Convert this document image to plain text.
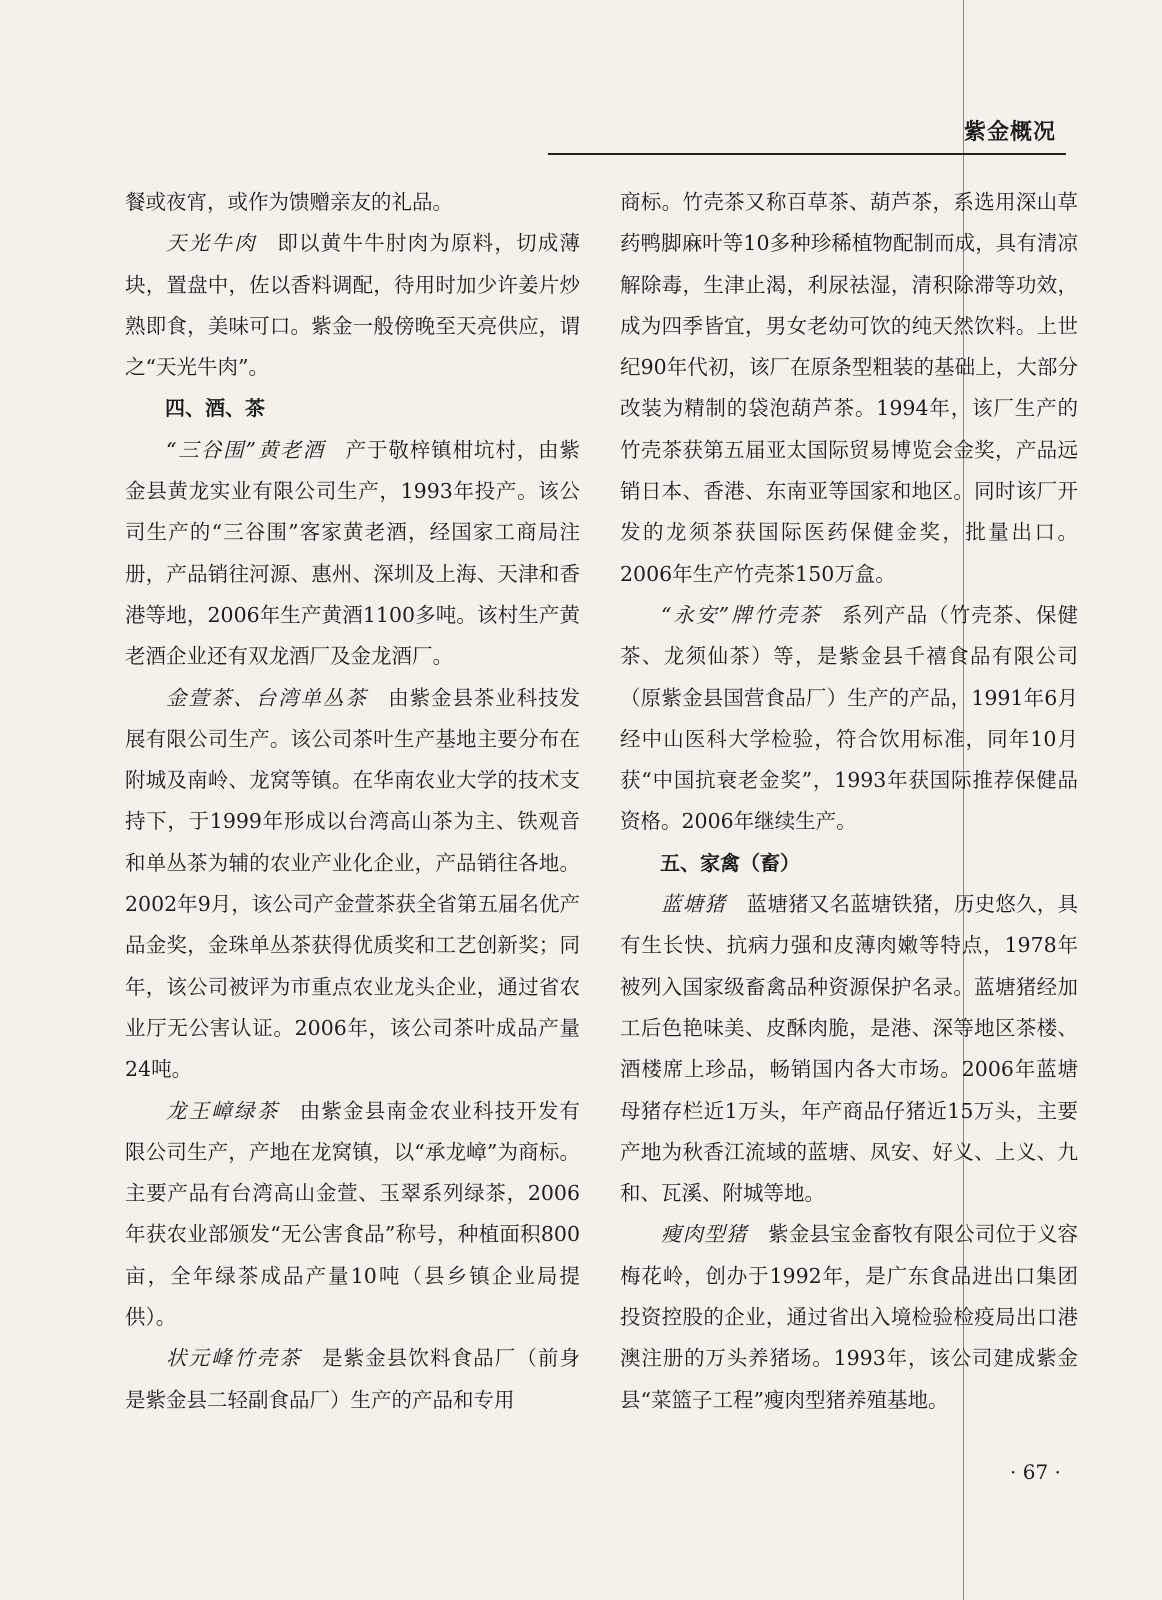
紫金概况

餐或夜宵，或作为馈赠亲友的礼品。

天光牛肉 即以黄牛牛肘肉为原料，切成薄块，置盘中，佐以香料调配，待用时加少许姜片炒熟即食，美味可口。紫金一般傍晚至天亮供应，谓之“天光牛肉”。

四、酒、茶

“三谷围”黄老酒 产于敬梓镇柑坑村，由紫金县黄龙实业有限公司生产，1993年投产。该公司生产的“三谷围”客家黄老酒，经国家工商局注册，产品销往河源、惠州、深圳及上海、天津和香港等地，2006年生产黄酒1100多吨。该村生产黄老酒企业还有双龙酒厂及金龙酒厂。

金萱茶、台湾单丛茶 由紫金县茶业科技发展有限公司生产。该公司茶叶生产基地主要分布在附城及南岭、龙窝等镇。在华南农业大学的技术支持下，于1999年形成以台湾高山茶为主、铁观音和单丛茶为辅的农业产业化企业，产品销往各地。2002年9月，该公司产金萱茶获全省第五届名优产品金奖，金珠单丛茶获得优质奖和工艺创新奖；同年，该公司被评为市重点农业龙头企业，通过省农业厅无公害认证。2006年，该公司茶叶成品产量24吨。

龙王嶂绿茶 由紫金县南金农业科技开发有限公司生产，产地在龙窝镇，以“承龙嶂”为商标。主要产品有台湾高山金萱、玉翠系列绿茶，2006年获农业部颁发“无公害食品”称号，种植面积800亩，全年绿茶成品产量10吨（县乡镇企业局提供）。

状元峰竹壳茶 是紫金县饮料食品厂（前身是紫金县二轻副食品厂）生产的产品和专用

商标。竹壳茶又称百草茶、葫芦茶，系选用深山草药鸭脚麻叶等10多种珍稀植物配制而成，具有清凉解除毒，生津止渴，利尿祛湿，清积除滞等功效，成为四季皆宜，男女老幼可饮的纯天然饮料。上世纪90年代初，该厂在原条型粗装的基础上，大部分改装为精制的袋泡葫芦茶。1994年，该厂生产的竹壳茶获第五届亚太国际贸易博览会金奖，产品远销日本、香港、东南亚等国家和地区。同时该厂开发的龙须茶获国际医药保健金奖，批量出口。2006年生产竹壳茶150万盒。

“永安”牌竹壳茶 系列产品（竹壳茶、保健茶、龙须仙茶）等，是紫金县千禧食品有限公司（原紫金县国营食品厂）生产的产品，1991年6月经中山医科大学检验，符合饮用标准，同年10月获“中国抗衰老金奖”，1993年获国际推荐保健品资格。2006年继续生产。

五、家禽（畜）

蓝塘猪 蓝塘猪又名蓝塘铁猪，历史悠久，具有生长快、抗病力强和皮薄肉嫩等特点，1978年被列入国家级畜禽品种资源保护名录。蓝塘猪经加工后色艳味美、皮酥肉脆，是港、深等地区茶楼、酒楼席上珍品，畅销国内各大市场。2006年蓝塘母猪存栏近1万头，年产商品仔猪近15万头，主要产地为秋香江流域的蓝塘、凤安、好义、上义、九和、瓦溪、附城等地。

瘦肉型猪 紫金县宝金畜牧有限公司位于义容梅花岭，创办于1992年，是广东食品进出口集团投资控股的企业，通过省出入境检验检疫局出口港澳注册的万头养猪场。1993年，该公司建成紫金县“菜篮子工程”瘦肉型猪养殖基地。

· 67 ·
